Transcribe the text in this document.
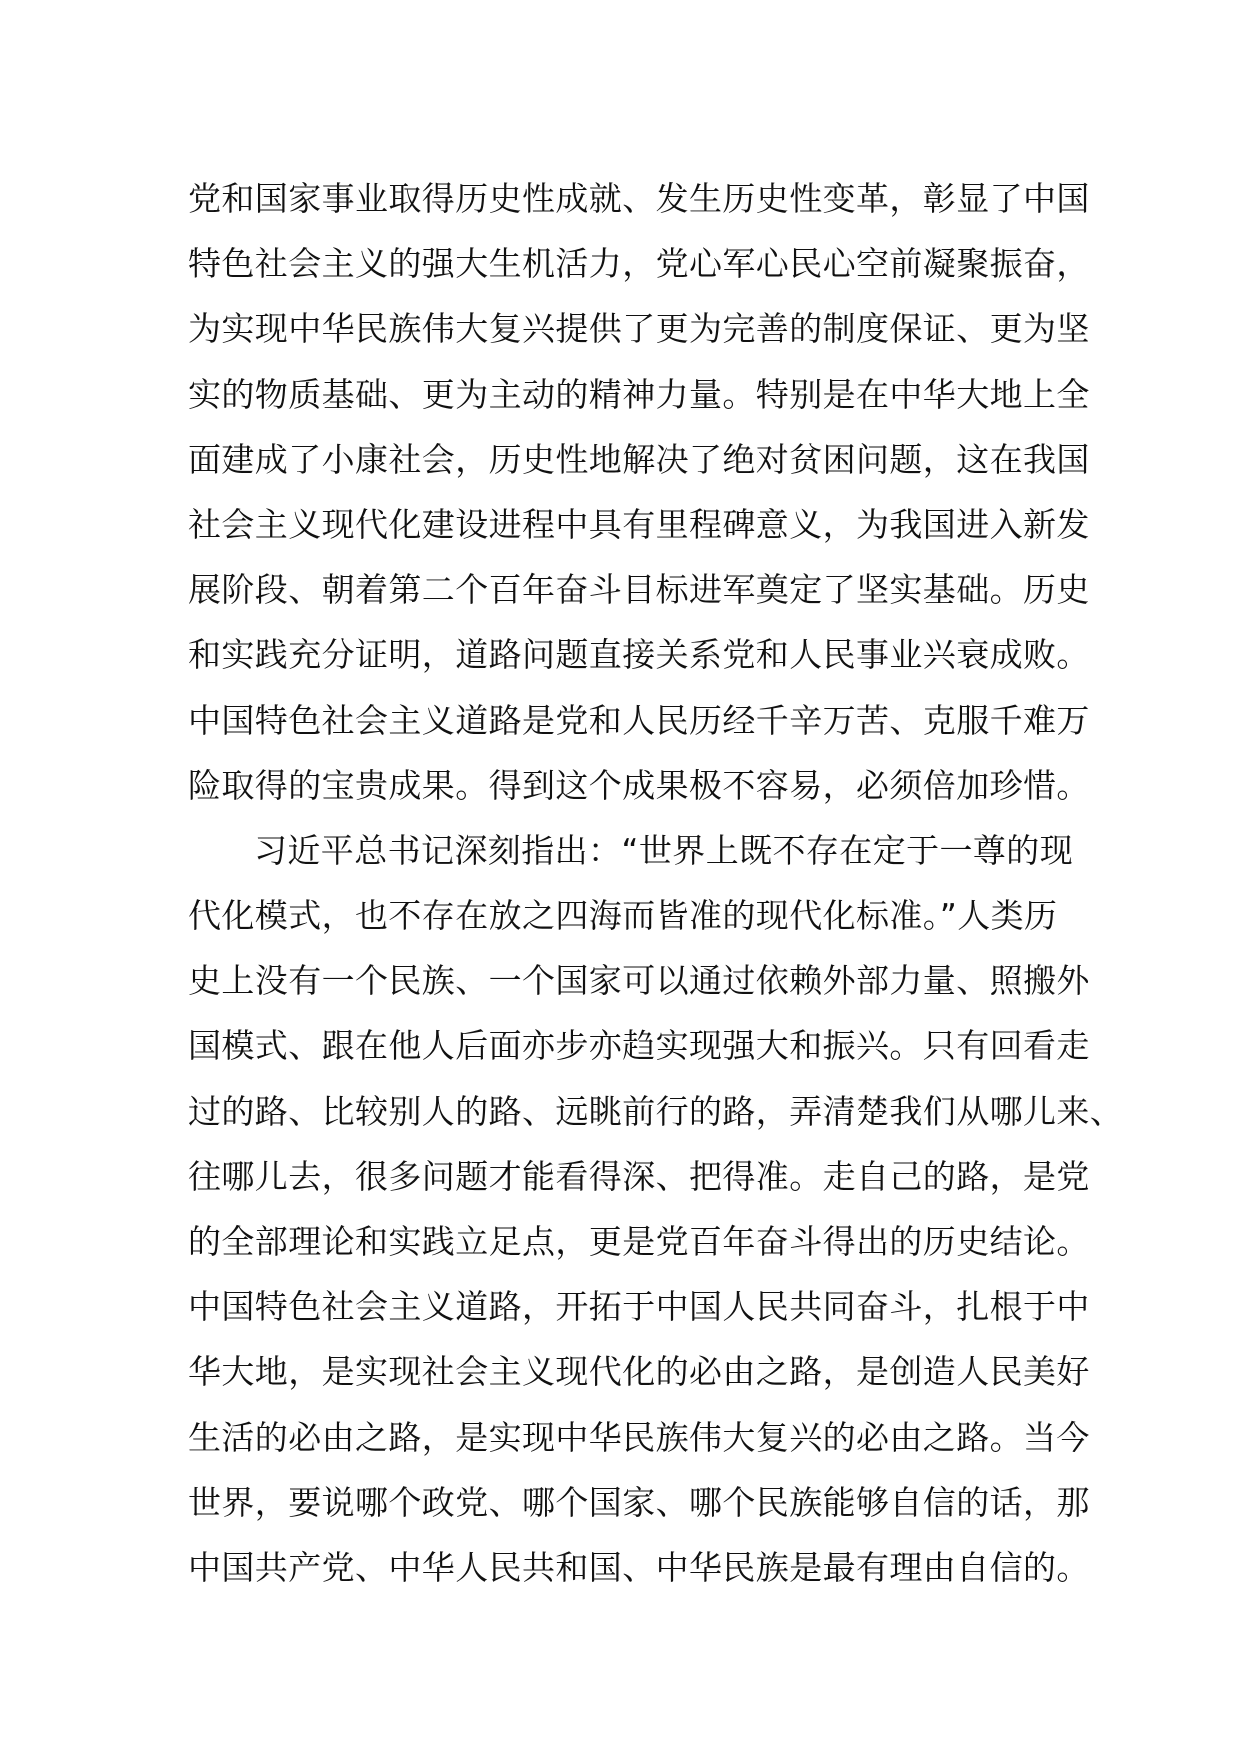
党和国家事业取得历史性成就、发生历史性变革，彰显了中国
特色社会主义的强大生机活力，党心军心民心空前凝聚振奋，
为实现中华民族伟大复兴提供了更为完善的制度保证、更为坚
实的物质基础、更为主动的精神力量。特别是在中华大地上全
面建成了小康社会，历史性地解决了绝对贫困问题，这在我国
社会主义现代化建设进程中具有里程碑意义，为我国进入新发
展阶段、朝着第二个百年奋斗目标进军奠定了坚实基础。历史
和实践充分证明，道路问题直接关系党和人民事业兴衰成败。
中国特色社会主义道路是党和人民历经千辛万苦、克服千难万
险取得的宝贵成果。得到这个成果极不容易，必须倍加珍惜。
习近平总书记深刻指出：“世界上既不存在定于一尊的现
代化模式，也不存在放之四海而皆准的现代化标准。”人类历
史上没有一个民族、一个国家可以通过依赖外部力量、照搬外
国模式、跟在他人后面亦步亦趋实现强大和振兴。只有回看走
过的路、比较别人的路、远眺前行的路，弄清楚我们从哪儿来、
往哪儿去，很多问题才能看得深、把得准。走自己的路，是党
的全部理论和实践立足点，更是党百年奋斗得出的历史结论。
中国特色社会主义道路，开拓于中国人民共同奋斗，扎根于中
华大地，是实现社会主义现代化的必由之路，是创造人民美好
生活的必由之路，是实现中华民族伟大复兴的必由之路。当今
世界，要说哪个政党、哪个国家、哪个民族能够自信的话，那
中国共产党、中华人民共和国、中华民族是最有理由自信的。
